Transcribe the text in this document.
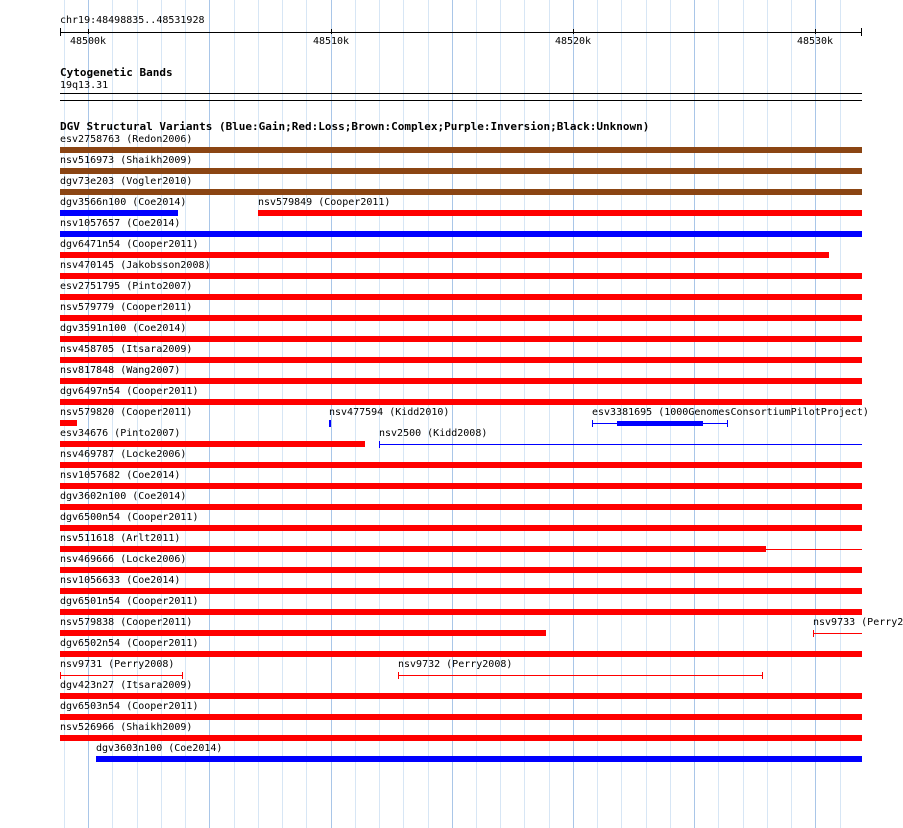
chr19:48498835..48531928
48500k	48510k	48520k	48530k
Cytogenetic Bands
19q13.31
DGV Structural Variants (Blue:Gain;Red:Loss;Brown:Complex;Purple:Inversion;Black:Unknown)
esv2758763 (Redon2006)
nsv516973 (Shaikh2009)
dgv73e203 (Vogler2010)
dgv3566n100 (Coe2014)	nsv579849 (Cooper2011)
nsv1057657 (Coe2014)
dgv6471n54 (Cooper2011)
nsv470145 (Jakobsson2008)
esv2751795 (Pinto2007)
nsv579779 (Cooper2011)
dgv3591n100 (Coe2014)
nsv458705 (Itsara2009)
nsv817848 (Wang2007)
dgv6497n54 (Cooper2011)
nsv579820 (Cooper2011)	nsv477594 (Kidd2010)	esv3381695 (1000GenomesConsortiumPilotProject)
esv34676 (Pinto2007)	nsv2500 (Kidd2008)
nsv469787 (Locke2006)
nsv1057682 (Coe2014)
dgv3602n100 (Coe2014)
dgv6500n54 (Cooper2011)
nsv511618 (Arlt2011)
nsv469666 (Locke2006)
nsv1056633 (Coe2014)
dgv6501n54 (Cooper2011)
nsv579838 (Cooper2011)	nsv9733 (Perry2
dgv6502n54 (Cooper2011)
nsv9731 (Perry2008)	nsv9732 (Perry2008)
dgv423n27 (Itsara2009)
dgv6503n54 (Cooper2011)
nsv526966 (Shaikh2009)
dgv3603n100 (Coe2014)
